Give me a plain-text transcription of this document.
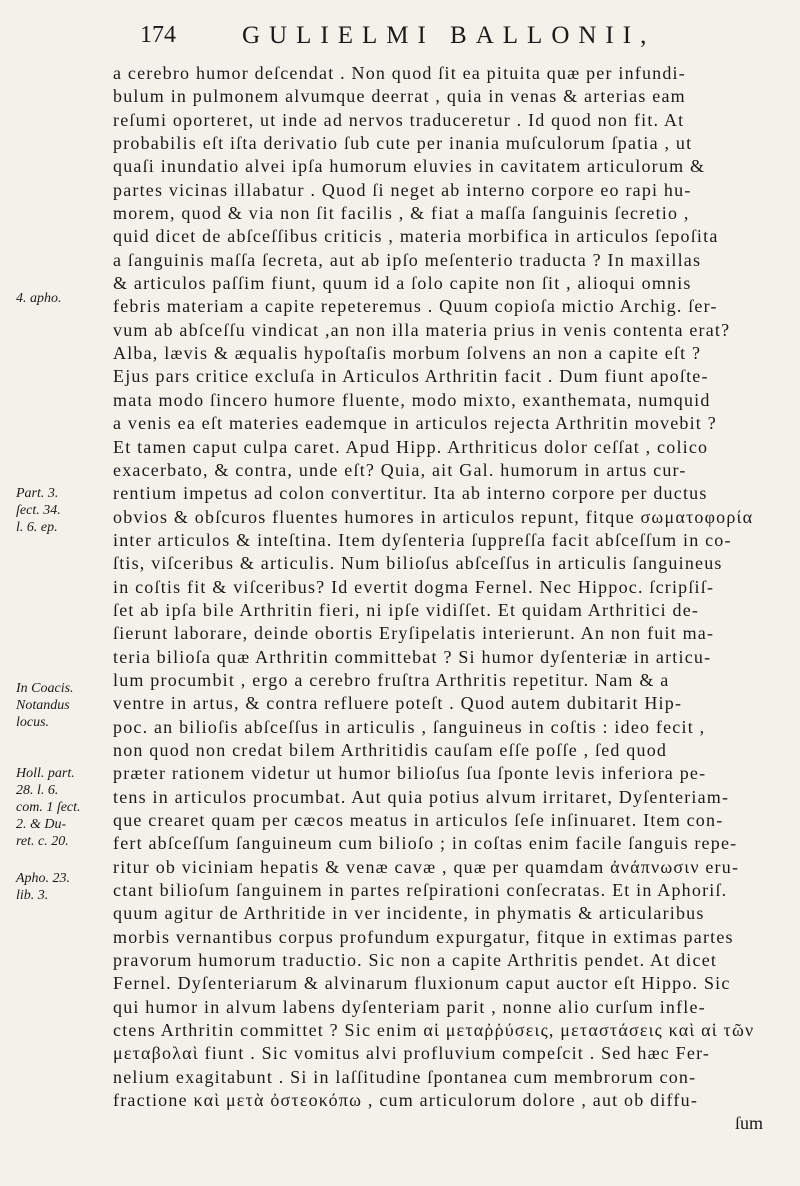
174	GULIELMI BALLONII,
a cerebro humor deſcendat . Non quod ſit ea pituita quæ per infundi-
bulum in pulmonem alvumque deerrat , quia in venas & arterias eam
reſumi oporteret, ut inde ad nervos traduceretur . Id quod non fit. At
probabilis eſt iſta derivatio ſub cute per inania muſculorum ſpatia , ut
quaſi inundatio alvei ipſa humorum eluvies in cavitatem articulorum &
partes vicinas illabatur . Quod ſi neget ab interno corpore eo rapi hu-
morem, quod & via non ſit facilis , & fiat a maſſa ſanguinis ſecretio ,
quid dicet de abſceſſibus criticis , materia morbifica in articulos ſepoſita
a ſanguinis maſſa ſecreta, aut ab ipſo meſenterio traducta ? In maxillas
& articulos paſſim fiunt, quum id a ſolo capite non ſit , alioqui omnis
febris materiam a capite repeteremus . Quum copioſa mictio Archig. ſer-
vum ab abſceſſu vindicat ,an non illa materia prius in venis contenta erat?
Alba, lævis & æqualis hypoſtaſis morbum ſolvens an non a capite eſt ?
Ejus pars critice excluſa in Articulos Arthritin facit . Dum fiunt apoſte-
mata modo ſincero humore fluente, modo mixto, exanthemata, numquid
a venis ea eſt materies eademque in articulos rejecta Arthritin movebit ?
Et tamen caput culpa caret. Apud Hipp. Arthriticus dolor ceſſat , colico
exacerbato, & contra, unde eſt? Quia, ait Gal. humorum in artus cur-
rentium impetus ad colon convertitur. Ita ab interno corpore per ductus
obvios & obſcuros fluentes humores in articulos repunt, fitque σωματοφορία
inter articulos & inteſtina. Item dyſenteria ſuppreſſa facit abſceſſum in co-
ſtis, viſceribus & articulis. Num bilioſus abſceſſus in articulis ſanguineus
in coſtis fit & viſceribus? Id evertit dogma Fernel. Nec Hippoc. ſcripſiſ-
ſet ab ipſa bile Arthritin fieri, ni ipſe vidiſſet. Et quidam Arthritici de-
ſierunt laborare, deinde obortis Eryſipelatis interierunt. An non fuit ma-
teria bilioſa quæ Arthritin committebat ? Si humor dyſenteriæ in articu-
lum procumbit , ergo a cerebro fruſtra Arthritis repetitur. Nam & a
ventre in artus, & contra refluere poteſt . Quod autem dubitarit Hip-
poc. an bilioſis abſceſſus in articulis , ſanguineus in coſtis : ideo fecit ,
non quod non credat bilem Arthritidis cauſam eſſe poſſe , ſed quod
præter rationem videtur ut humor bilioſus ſua ſponte levis inferiora pe-
tens in articulos procumbat. Aut quia potius alvum irritaret, Dyſenteriam-
que crearet quam per cæcos meatus in articulos ſeſe inſinuaret. Item con-
fert abſceſſum ſanguineum cum bilioſo ; in coſtas enim facile ſanguis repe-
ritur ob viciniam hepatis & venæ cavæ , quæ per quamdam ἀνάπνωσιν eru-
ctant bilioſum ſanguinem in partes reſpirationi conſecratas. Et in Aphoriſ.
quum agitur de Arthritide in ver incidente, in phymatis & articularibus
morbis vernantibus corpus profundum expurgatur, fitque in extimas partes
pravorum humorum traductio. Sic non a capite Arthritis pendet. At dicet
Fernel. Dyſenteriarum & alvinarum fluxionum caput auctor eſt Hippo. Sic
qui humor in alvum labens dyſenteriam parit , nonne alio curſum infle-
ctens Arthritin committet ? Sic enim αἱ μεταῤῥύσεις, μεταστάσεις καὶ αἱ τῶν
μεταβολαὶ fiunt . Sic vomitus alvi profluvium compeſcit . Sed hæc Fer-
nelium exagitabunt . Si in laſſitudine ſpontanea cum membrorum con-
fractione καὶ μετὰ ὀστεοκόπω , cum articulorum dolore , aut ob diffu-
ſum
4. apho.
Part. 3.
ſect. 34.
l. 6. ep.
In Coacis.
Notandus
locus.
Holl. part.
28. l. 6.
com. 1 ſect.
2. & Du-
ret. c. 20.
Apho. 23.
lib. 3.
